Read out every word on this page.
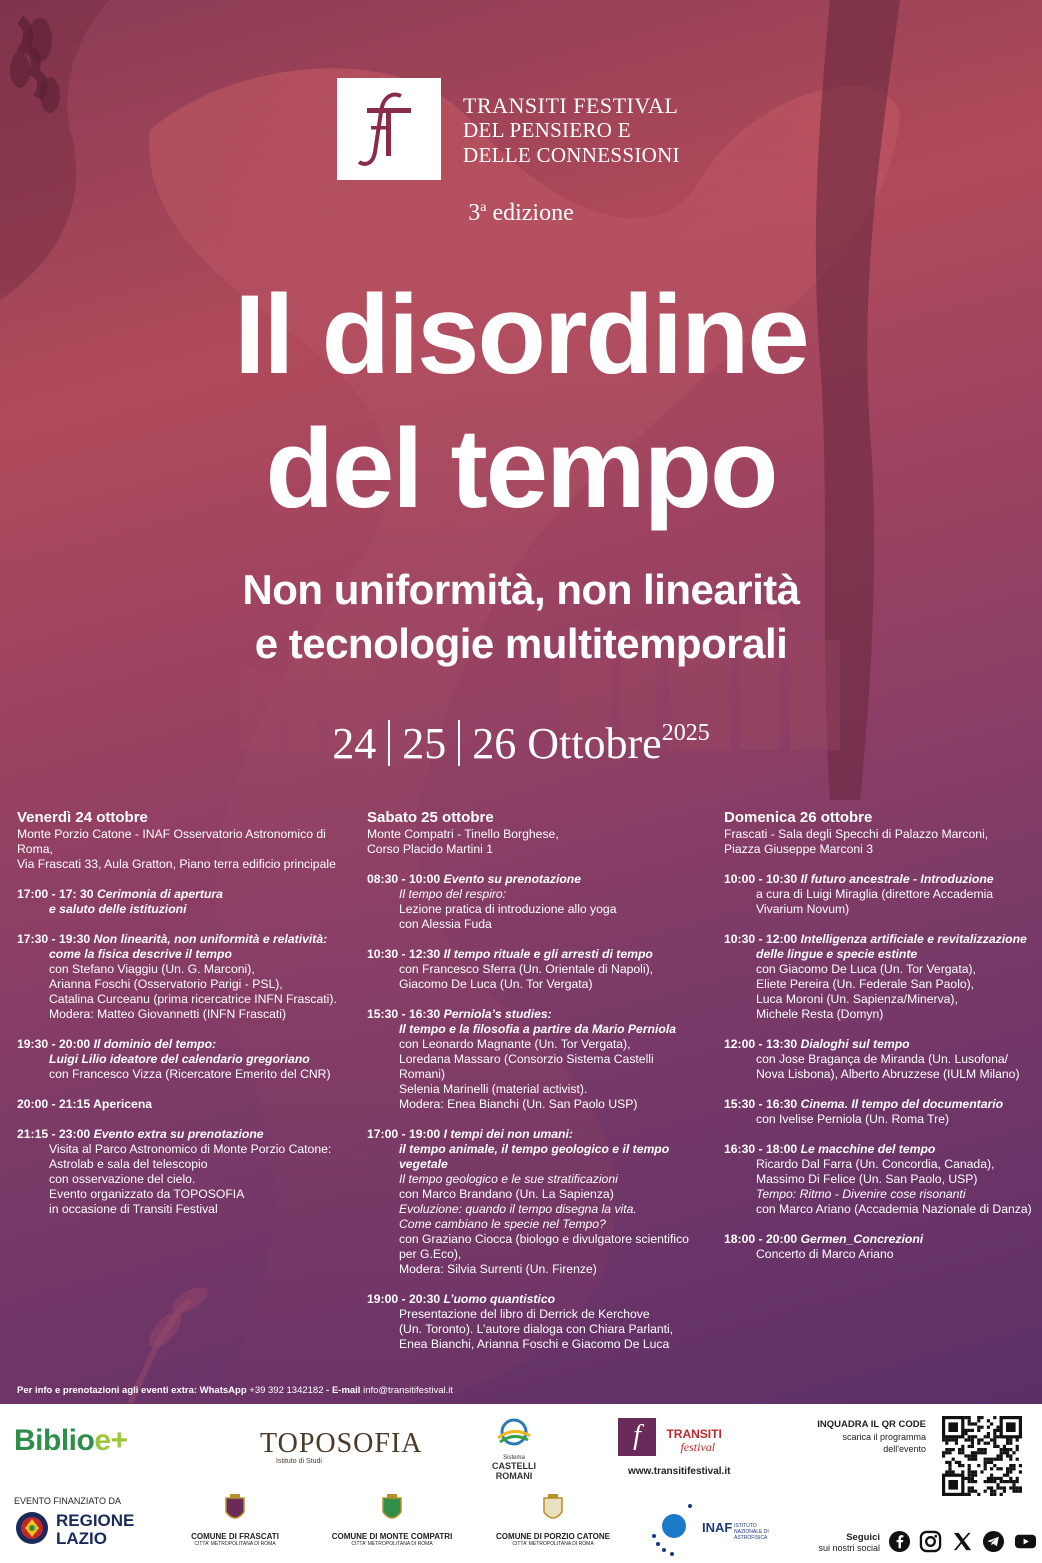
TRANSITI FESTIVAL
DEL PENSIERO E
DELLE CONNESSIONI
3$^a$ edizione
Il disordine
del tempo
Non uniformità, non linearità
e tecnologie multitemporali
24 25 26 Ottobre$^{2025}$
Venerdì 24 ottobre
Monte Porzio Catone - INAF Osservatorio Astronomico di Roma,
Via Frascati 33, Aula Gratton, Piano terra edificio principale
17:00 - 17: 30 Cerimonia di apertura
e saluto delle istituzioni
17:30 - 19:30 Non linearità, non uniformità e relatività:
come la fisica descrive il tempo
con Stefano Viaggiu (Un. G. Marconi),
Arianna Foschi (Osservatorio Parigi - PSL),
Catalina Curceanu (prima ricercatrice INFN Frascati).
Modera: Matteo Giovannetti (INFN Frascati)
19:30 - 20:00 Il dominio del tempo:
Luigi Lilio ideatore del calendario gregoriano
con Francesco Vizza (Ricercatore Emerito del CNR)
20:00 - 21:15 Apericena
21:15 - 23:00 Evento extra su prenotazione
Visita al Parco Astronomico di Monte Porzio Catone:
Astrolab e sala del telescopio
con osservazione del cielo.
Evento organizzato da TOPOSOFIA
in occasione di Transiti Festival
Sabato 25 ottobre
Monte Compatri - Tinello Borghese,
Corso Placido Martini 1
08:30 - 10:00 Evento su prenotazione
Il tempo del respiro:
Lezione pratica di introduzione allo yoga
con Alessia Fuda
10:30 - 12:30 Il tempo rituale e gli arresti di tempo
con Francesco Sferra (Un. Orientale di Napoli),
Giacomo De Luca (Un. Tor Vergata)
15:30 - 16:30 Perniola’s studies:
Il tempo e la filosofia a partire da Mario Perniola
con Leonardo Magnante (Un. Tor Vergata),
Loredana Massaro (Consorzio Sistema Castelli
Romani)
Selenia Marinelli (material activist).
Modera: Enea Bianchi (Un. San Paolo USP)
17:00 - 19:00 I tempi dei non umani:
il tempo animale, il tempo geologico e il tempo
vegetale
Il tempo geologico e le sue stratificazioni
con Marco Brandano (Un. La Sapienza)
Evoluzione: quando il tempo disegna la vita.
Come cambiano le specie nel Tempo?
con Graziano Ciocca (biologo e divulgatore scientifico
per G.Eco),
Modera: Silvia Surrenti (Un. Firenze)
19:00 - 20:30 L’uomo quantistico
Presentazione del libro di Derrick de Kerchove
(Un. Toronto). L’autore dialoga con Chiara Parlanti,
Enea Bianchi, Arianna Foschi e Giacomo De Luca
Domenica 26 ottobre
Frascati - Sala degli Specchi di Palazzo Marconi,
Piazza Giuseppe Marconi 3
10:00 - 10:30 Il futuro ancestrale - Introduzione
a cura di Luigi Miraglia (direttore Accademia
Vivarium Novum)
10:30 - 12:00 Intelligenza artificiale e revitalizzazione
delle lingue e specie estinte
con Giacomo De Luca (Un. Tor Vergata),
Eliete Pereira (Un. Federale San Paolo),
Luca Moroni (Un. Sapienza/Minerva),
Michele Resta (Domyn)
12:00 - 13:30 Dialoghi sul tempo
con Jose Bragança de Miranda (Un. Lusofona/
Nova Lisbona), Alberto Abruzzese (IULM Milano)
15:30 - 16:30 Cinema. Il tempo del documentario
con Ivelise Perniola (Un. Roma Tre)
16:30 - 18:00 Le macchine del tempo
Ricardo Dal Farra (Un. Concordia, Canada),
Massimo Di Felice (Un. San Paolo, USP)
Tempo: Ritmo - Divenire cose risonanti
con Marco Ariano (Accademia Nazionale di Danza)
18:00 - 20:00 Germen_Concrezioni
Concerto di Marco Ariano
Per info e prenotazioni agli eventi extra: WhatsApp +39 392 1342182 - E-mail info@transitifestival.it
Biblioe+	TOPOSOFIA
Istituto di Studi	Sistema
CASTELLI
ROMANI
f	TRANSITI
festival
www.transitifestival.it
INQUADRA IL QR CODE
scarica il programma
dell'evento
EVENTO FINANZIATO DA
REGIONE
LAZIO	COMUNE DI FRASCATI
CITTA' METROPOLITANA DI ROMA
COMUNE DI MONTE COMPATRI
CITTA' METROPOLITANA DI ROMA
COMUNE DI PORZIO CATONE
CITTA' METROPOLITANA DI ROMA
INAF ISTITUTO NAZIONALE DI ASTROFISICA	Seguici
sui nostri social
